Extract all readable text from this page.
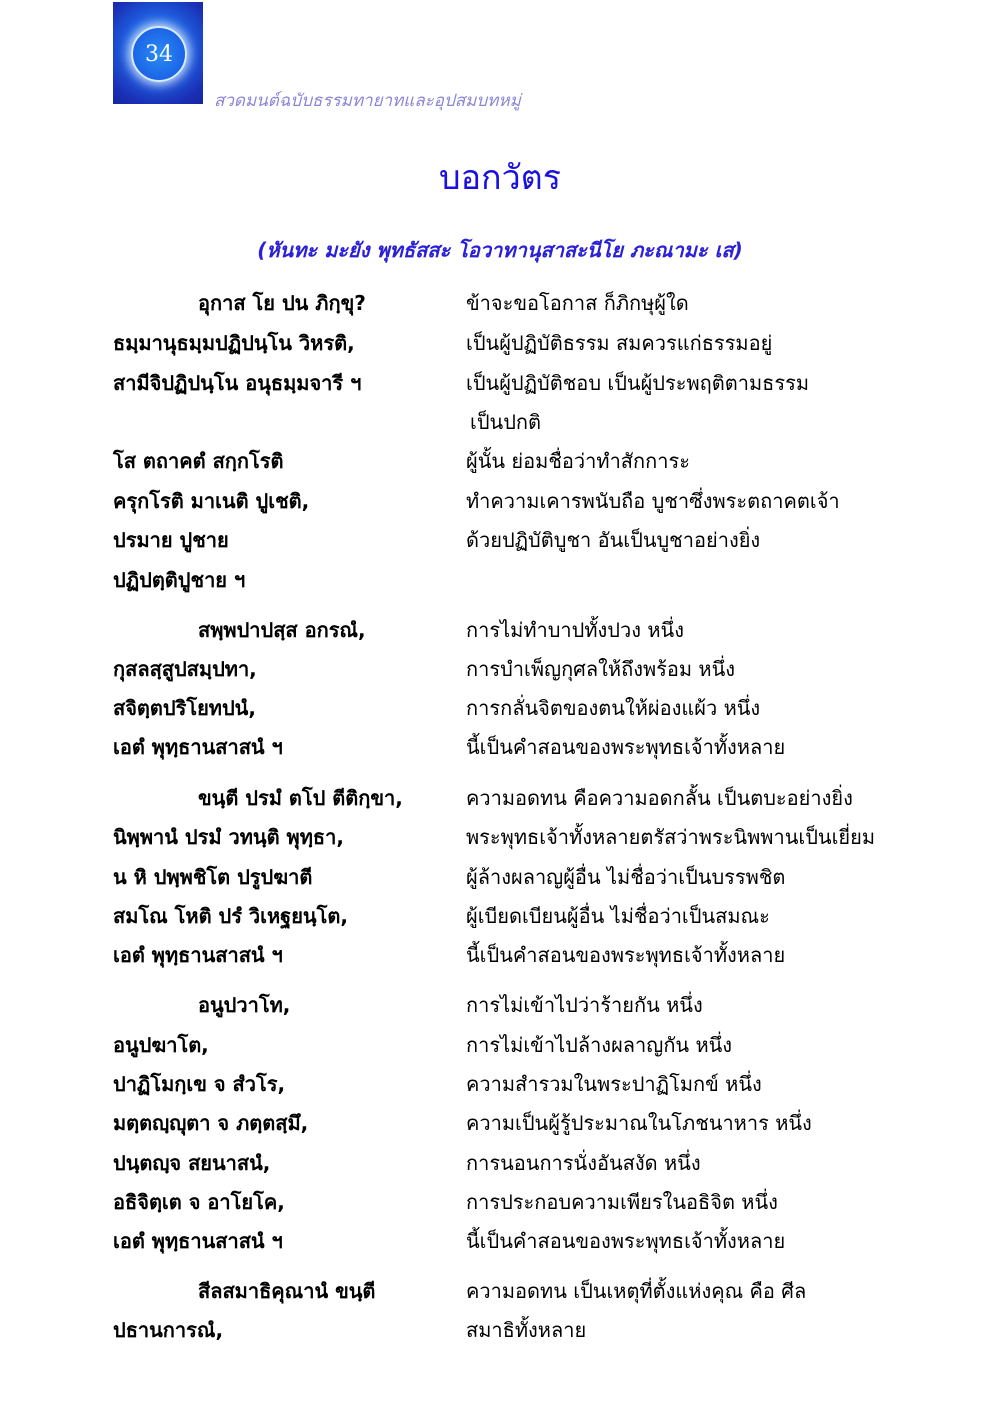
34
สวดมนต์ฉบับธรรมทายาทและอุปสมบทหมู่
บอกวัตร
(หันทะ มะยัง พุทธัสสะ โอวาทานุสาสะนีโย ภะณามะ เส)
อุกาส โย ปน ภิกฺขุ?	ข้าจะขอโอกาส ก็ภิกษุผู้ใด
ธมฺมานุธมฺมปฏิปนฺโน วิหรติ,	เป็นผู้ปฏิบัติธรรม สมควรแก่ธรรมอยู่
สามีจิปฏิปนฺโน อนุธมฺมจารี ฯ	เป็นผู้ปฏิบัติชอบ เป็นผู้ประพฤติตามธรรม
เป็นปกติ
โส ตถาคตํ สกฺกโรติ	ผู้นั้น ย่อมชื่อว่าทำสักการะ
ครุกโรติ มาเนติ ปูเชติ,	ทำความเคารพนับถือ บูชาซึ่งพระตถาคตเจ้า
ปรมาย ปูชาย	ด้วยปฏิบัติบูชา อันเป็นบูชาอย่างยิ่ง
ปฏิปตฺติปูชาย ฯ
สพฺพปาปสฺส อกรณํ,	การไม่ทำบาปทั้งปวง หนึ่ง
กุสลสฺสูปสมฺปทา,	การบำเพ็ญกุศลให้ถึงพร้อม หนึ่ง
สจิตฺตปริโยทปนํ,	การกลั่นจิตของตนให้ผ่องแผ้ว หนึ่ง
เอตํ พุทฺธานสาสนํ ฯ	นี้เป็นคำสอนของพระพุทธเจ้าทั้งหลาย
ขนฺตี ปรมํ ตโป ตีติกฺขา,	ความอดทน คือความอดกลั้น เป็นตบะอย่างยิ่ง
นิพฺพานํ ปรมํ วทนฺติ พุทฺธา,	พระพุทธเจ้าทั้งหลายตรัสว่าพระนิพพานเป็นเยี่ยม
น หิ ปพฺพชิโต ปรูปฆาตี	ผู้ล้างผลาญผู้อื่น ไม่ชื่อว่าเป็นบรรพชิต
สมโณ โหติ ปรํ วิเหฐยนฺโต,	ผู้เบียดเบียนผู้อื่น ไม่ชื่อว่าเป็นสมณะ
เอตํ พุทฺธานสาสนํ ฯ	นี้เป็นคำสอนของพระพุทธเจ้าทั้งหลาย
อนูปวาโท,	การไม่เข้าไปว่าร้ายกัน หนึ่ง
อนูปฆาโต,	การไม่เข้าไปล้างผลาญกัน หนึ่ง
ปาฏิโมกฺเข จ สํวโร,	ความสำรวมในพระปาฏิโมกข์ หนึ่ง
มตฺตญฺญุตา จ ภตฺตสฺมึ,	ความเป็นผู้รู้ประมาณในโภชนาหาร หนึ่ง
ปนฺตญฺจ สยนาสนํ,	การนอนการนั่งอันสงัด หนึ่ง
อธิจิตฺเต จ อาโยโค,	การประกอบความเพียรในอธิจิต หนึ่ง
เอตํ พุทฺธานสาสนํ ฯ	นี้เป็นคำสอนของพระพุทธเจ้าทั้งหลาย
สีลสมาธิคุณานํ ขนฺตี	ความอดทน เป็นเหตุที่ตั้งแห่งคุณ คือ ศีล
ปธานการณํ,	สมาธิทั้งหลาย
